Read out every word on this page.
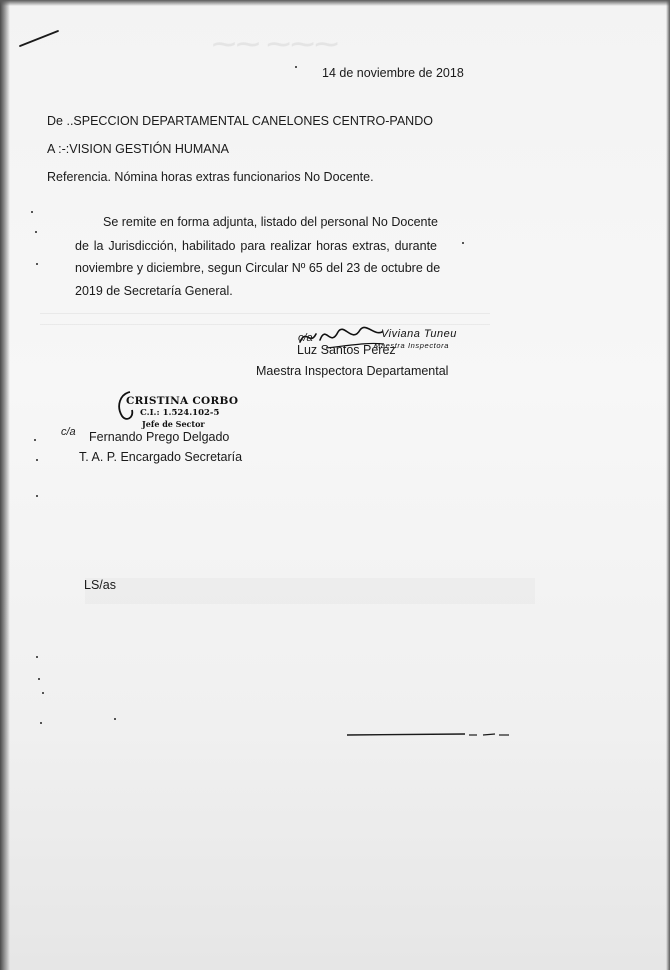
⁓⁓ ⁓⁓⁓
14 de noviembre de 2018
De ..SPECCION DEPARTAMENTAL CANELONES CENTRO-PANDO
A :-:VISION GESTIÓN HUMANA
Referencia. Nómina horas extras funcionarios No Docente.
Se remite en forma adjunta, listado del personal No Docente
de la Jurisdicción, habilitado para realizar horas extras, durante
noviembre y diciembre, segun Circular Nº 65 del 23 de octubre de
2019 de Secretaría General.
c/a	Viviana Tuneu
Maestra Inspectora
Luz Santos Pérez
Maestra Inspectora Departamental
CRISTINA CORBO
C.I.: 1.524.102-5
Jefe de Sector
c/a Fernando Prego Delgado
T. A. P. Encargado Secretaría
LS/as
